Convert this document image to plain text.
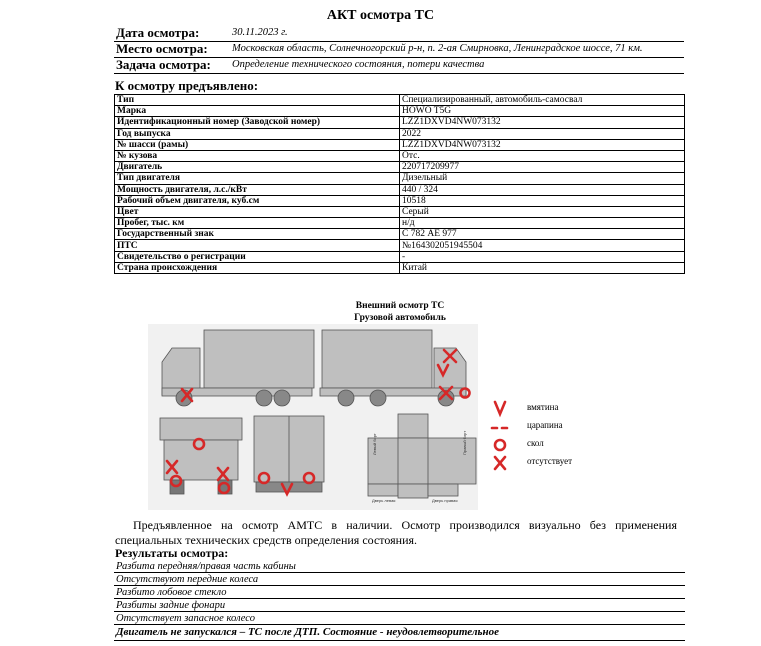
АКТ осмотра ТС
Дата осмотра:	30.11.2023 г.
Место осмотра: Московская область, Солнечногорский р-н, п. 2-ая Смирновка, Ленинградское шоссе, 71 км.
Задача осмотра: Определение технического состояния, потери качества
К осмотру предъявлено:
Тип	Специализированный, автомобиль-самосвал
Марка	HOWO T5G
Идентификационный номер (Заводской номер)	LZZ1DXVD4NW073132
Год выпуска	2022
№ шасси (рамы)	LZZ1DXVD4NW073132
№ кузова	Отс.
Двигатель	220717209977
Тип двигателя	Дизельный
Мощность двигателя, л.с./кВт	440 / 324
Рабочий объем двигателя, куб.см	10518
Цвет	Серый
Пробег, тыс. км	н/д
Государственный знак	С 782 АЕ 977
ПТС	№164302051945504
Свидетельство о регистрации	-
Страна происхождения	Китай
Внешний осмотр ТС
Грузовой автомобиль
Левый борт	Правый борт
Дверь левая	Дверь правая
вмятина
царапина
скол
отсутствует
Предъявленное на осмотр АМТС в наличии. Осмотр производился визуально без применения специальных технических средств определения состояния.
Результаты осмотра:
Разбита передняя/правая часть кабины
Отсутствуют передние колеса
Разбито лобовое стекло
Разбиты задние фонари
Отсутствует запасное колесо
Двигатель не запускался – ТС после ДТП. Состояние - неудовлетворительное
